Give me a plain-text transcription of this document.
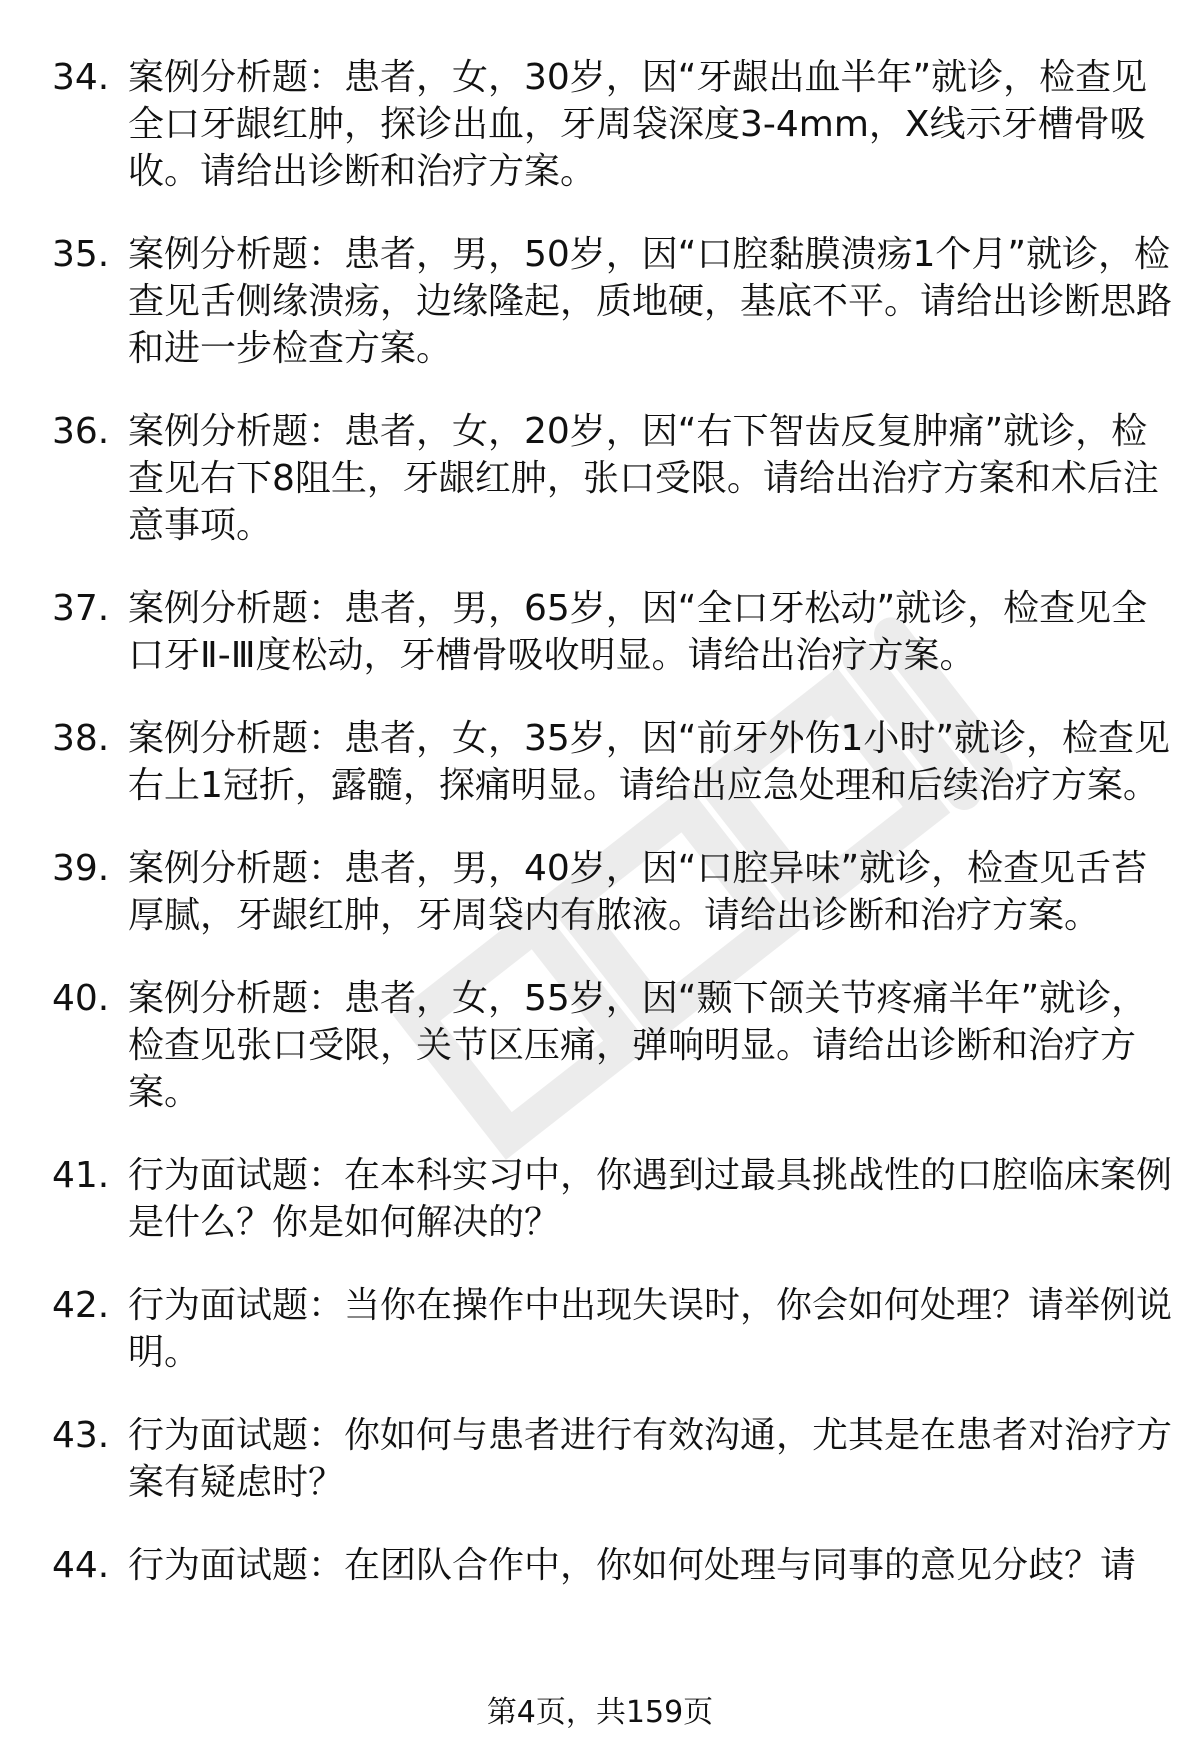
34. 案例分析题：患者，女，30岁，因“牙龈出血半年”就诊，检查见全口牙龈红肿，探诊出血，牙周袋深度3-4mm，X线示牙槽骨吸收。请给出诊断和治疗方案。
35. 案例分析题：患者，男，50岁，因“口腔黏膜溃疡1个月”就诊，检查见舌侧缘溃疡，边缘隆起，质地硬，基底不平。请给出诊断思路和进一步检查方案。
36. 案例分析题：患者，女，20岁，因“右下智齿反复肿痛”就诊，检查见右下8阻生，牙龈红肿，张口受限。请给出治疗方案和术后注意事项。
37. 案例分析题：患者，男，65岁，因“全口牙松动”就诊，检查见全口牙Ⅱ-Ⅲ度松动，牙槽骨吸收明显。请给出治疗方案。
38. 案例分析题：患者，女，35岁，因“前牙外伤1小时”就诊，检查见右上1冠折，露髓，探痛明显。请给出应急处理和后续治疗方案。
39. 案例分析题：患者，男，40岁，因“口腔异味”就诊，检查见舌苔厚腻，牙龈红肿，牙周袋内有脓液。请给出诊断和治疗方案。
40. 案例分析题：患者，女，55岁，因“颞下颌关节疼痛半年”就诊，检查见张口受限，关节区压痛，弹响明显。请给出诊断和治疗方案。
41. 行为面试题：在本科实习中，你遇到过最具挑战性的口腔临床案例是什么？你是如何解决的？
42. 行为面试题：当你在操作中出现失误时，你会如何处理？请举例说明。
43. 行为面试题：你如何与患者进行有效沟通，尤其是在患者对治疗方案有疑虑时？
44. 行为面试题：在团队合作中，你如何处理与同事的意见分歧？请
第4页，共159页
